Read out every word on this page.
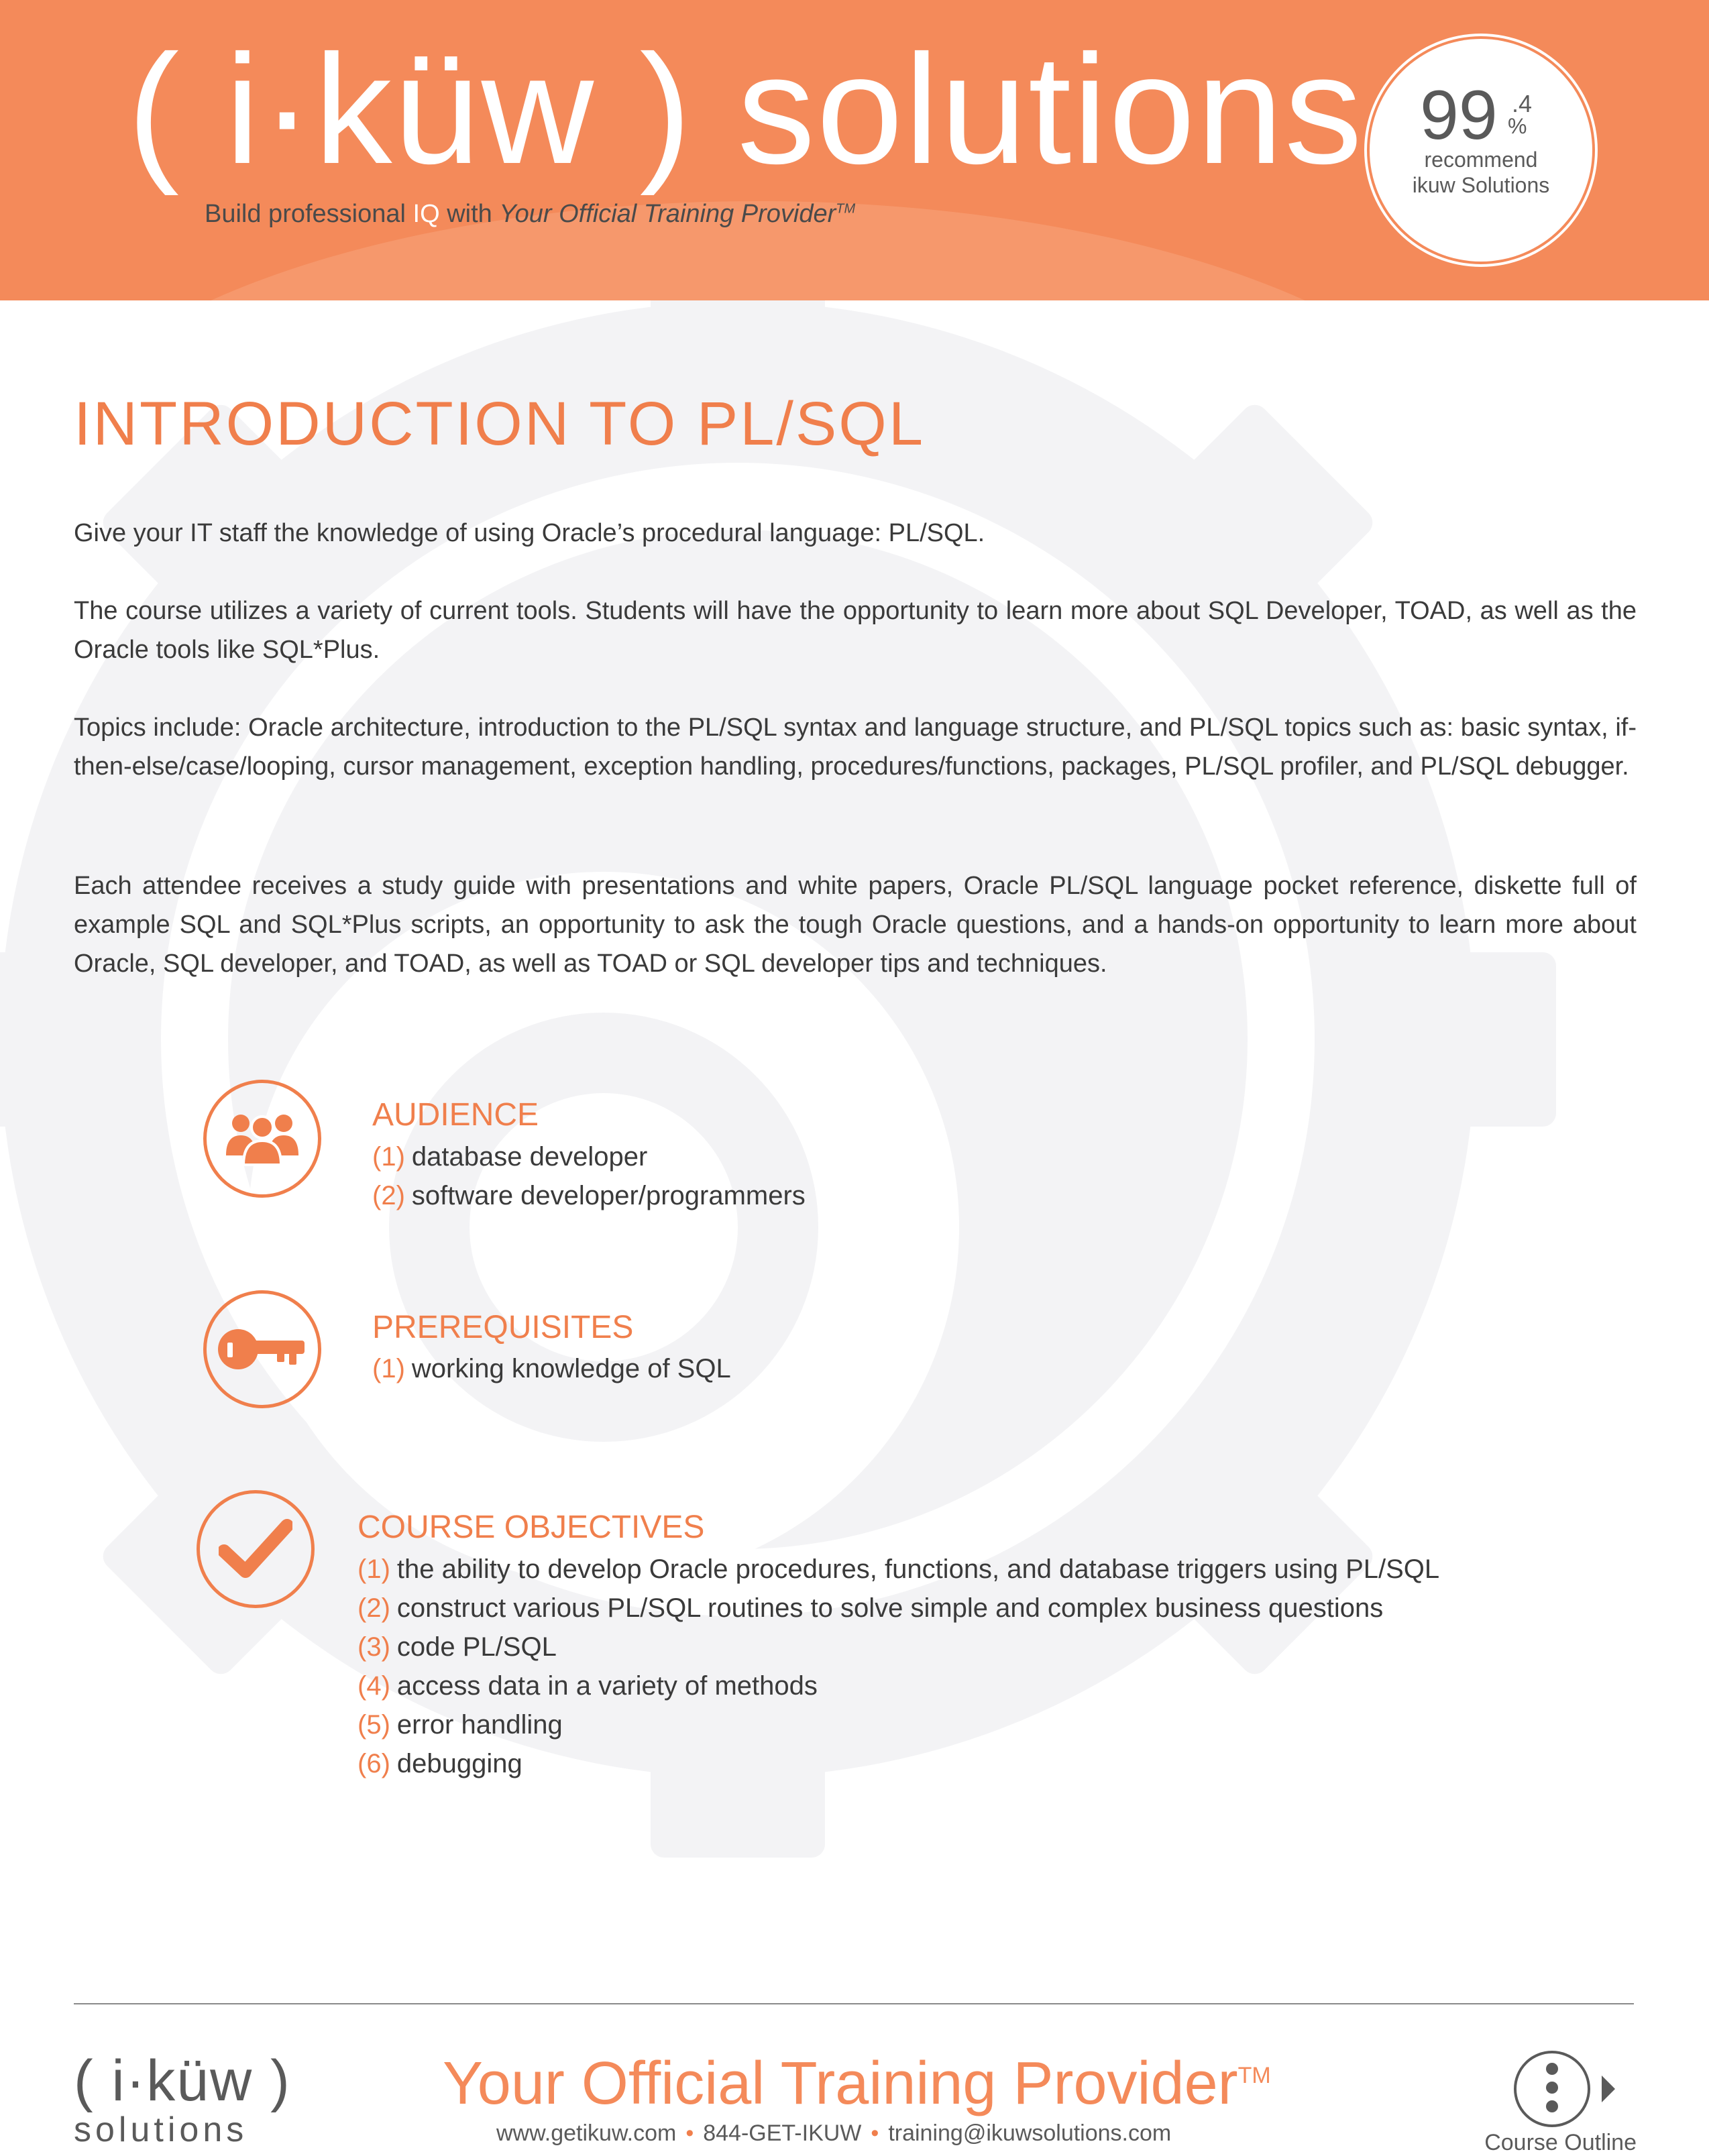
( i·küw ) solutions
Build professional IQ with Your Official Training Provider™
99 .4
%
recommend
ikuw Solutions
INTRODUCTION TO PL/SQL

Give your IT staff the knowledge of using Oracle’s procedural language: PL/SQL.

The course utilizes a variety of current tools. Students will have the opportunity to learn more about SQL Developer, TOAD, as well as the Oracle tools like SQL*Plus.

Topics include: Oracle architecture, introduction to the PL/SQL syntax and language structure, and PL/SQL topics such as: basic syntax, if-then-else/case/looping, cursor management, exception handling, procedures/functions, packages, PL/SQL profiler, and PL/SQL debugger.

Each attendee receives a study guide with presentations and white papers, Oracle PL/SQL language pocket reference, diskette full of example SQL and SQL*Plus scripts, an opportunity to ask the tough Oracle questions, and a hands-on opportunity to learn more about Oracle, SQL developer, and TOAD, as well as TOAD or SQL developer tips and techniques.

AUDIENCE
(1) database developer
(2) software developer/programmers
PREREQUISITES
(1) working knowledge of SQL
COURSE OBJECTIVES
(1) the ability to develop Oracle procedures, functions, and database triggers using PL/SQL
(2) construct various PL/SQL routines to solve simple and complex business questions
(3) code PL/SQL
(4) access data in a variety of methods
(5) error handling
(6) debugging
( i·küw )
solutions
Your Official Training Provider™
www.getikuw.com • 844-GET-IKUW • training@ikuwsolutions.com	Course Outline
